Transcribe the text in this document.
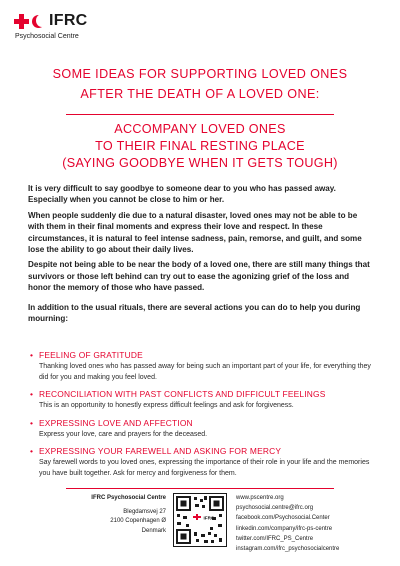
IFRC
Psychosocial Centre
SOME IDEAS FOR SUPPORTING LOVED ONES
AFTER THE DEATH OF A LOVED ONE:
ACCOMPANY LOVED ONES
TO THEIR FINAL RESTING PLACE
(SAYING GOODBYE WHEN IT GETS TOUGH)

It is very difficult to say goodbye to someone dear to you who has passed away. Especially when you cannot be close to him or her.

When people suddenly die due to a natural disaster, loved ones may not be able to be with them in their final moments and express their love and respect. In these circumstances, it is natural to feel intense sadness, pain, remorse, and guilt, and some lose the ability to go about their daily lives.

Despite not being able to be near the body of a loved one, there are still many things that survivors or those left behind can try out to ease the agonizing grief of the loss and honor the memory of those who have passed.

In addition to the usual rituals, there are several actions you can do to help you during mourning:

• FEELING OF GRATITUDE
Thanking loved ones who has passed away for being such an important part of your life, for everything they did for you and making you feel loved.
• RECONCILIATION WITH PAST CONFLICTS AND DIFFICULT FEELINGS
This is an opportunity to honestly express difficult feelings and ask for forgiveness.
• EXPRESSING LOVE AND AFFECTION
Express your love, care and prayers for the deceased.
• EXPRESSING YOUR FAREWELL AND ASKING FOR MERCY
Say farewell words to you loved ones, expressing the importance of their role in your life and the memories you have built together. Ask for mercy and forgiveness for them.
IFRC Psychosocial Centre
Blegdamsvej 27
2100 Copenhagen Ø
Denmark
IFRC
www.pscentre.org
psychosocial.centre@ifrc.org
facebook.com/Psychosocial.Center
linkedin.com/company/ifrc-ps-centre
twitter.com/IFRC_PS_Centre
instagram.com/ifrc_psychosocialcentre
